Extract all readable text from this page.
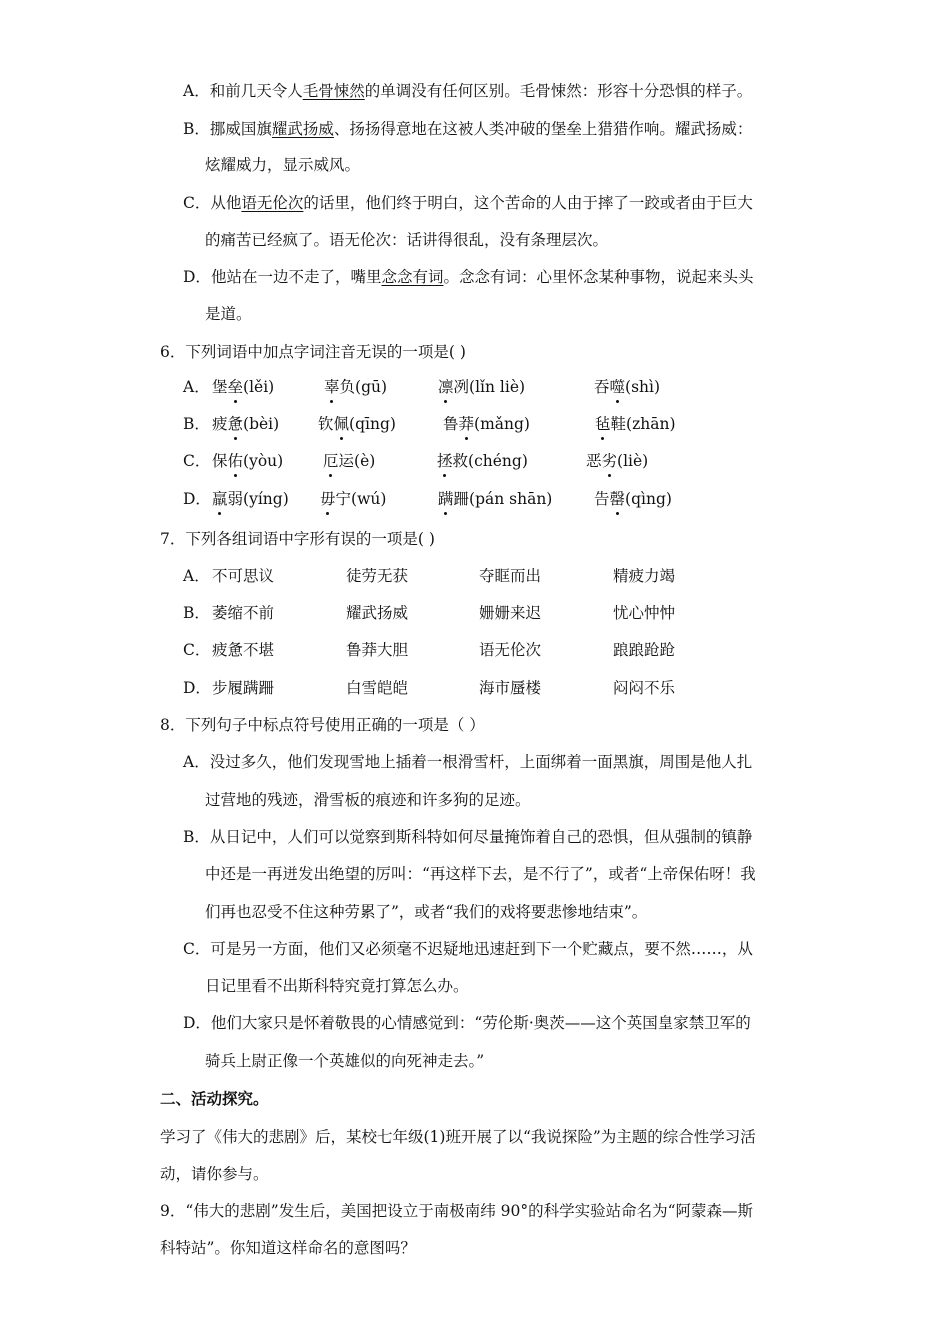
A．和前几天令人毛骨悚然的单调没有任何区别。毛骨悚然：形容十分恐惧的样子。
B．挪威国旗耀武扬威、扬扬得意地在这被人类冲破的堡垒上猎猎作响。耀武扬威：
炫耀威力，显示威风。
C．从他语无伦次的话里，他们终于明白，这个苦命的人由于摔了一跤或者由于巨大
的痛苦已经疯了。语无伦次：话讲得很乱，没有条理层次。
D．他站在一边不走了，嘴里念念有词。念念有词：心里怀念某种事物，说起来头头
是道。
6．下列词语中加点字词注音无误的一项是( )
A． 堡垒(lěi)	辜负(gū)	凛冽(lǐn liè)	吞噬(shì)
B． 疲惫(bèi)	钦佩(qīng)	鲁莽(mǎng)	毡鞋(zhān)
C． 保佑(yòu)	厄运(è)	拯救(chéng)	恶劣(liè)
D． 羸弱(yíng) 毋宁(wú)	蹒跚(pán shān)	告罄(qìng)
7．下列各组词语中字形有误的一项是( )
A． 不可思议	徒劳无获	夺眶而出	精疲力竭
B． 萎缩不前	耀武扬威	姗姗来迟	忧心忡忡
C． 疲惫不堪	鲁莽大胆	语无伦次	踉踉跄跄
D． 步履蹒跚	白雪皑皑	海市蜃楼	闷闷不乐
8．下列句子中标点符号使用正确的一项是（ ）
A．没过多久，他们发现雪地上插着一根滑雪杆，上面绑着一面黑旗，周围是他人扎
过营地的残迹，滑雪板的痕迹和许多狗的足迹。
B．从日记中，人们可以觉察到斯科特如何尽量掩饰着自己的恐惧，但从强制的镇静
中还是一再迸发出绝望的厉叫：“再这样下去，是不行了”，或者“上帝保佑呀！我
们再也忍受不住这种劳累了”，或者“我们的戏将要悲惨地结束”。
C．可是另一方面，他们又必须毫不迟疑地迅速赶到下一个贮藏点，要不然……，从
日记里看不出斯科特究竟打算怎么办。
D．他们大家只是怀着敬畏的心情感觉到：“劳伦斯·奥茨——这个英国皇家禁卫军的
骑兵上尉正像一个英雄似的向死神走去。”
二、活动探究。
学习了《伟大的悲剧》后，某校七年级(1)班开展了以“我说探险”为主题的综合性学习活
动，请你参与。
9．“伟大的悲剧”发生后，美国把设立于南极南纬 90°的科学实验站命名为“阿蒙森—斯
科特站”。你知道这样命名的意图吗？
